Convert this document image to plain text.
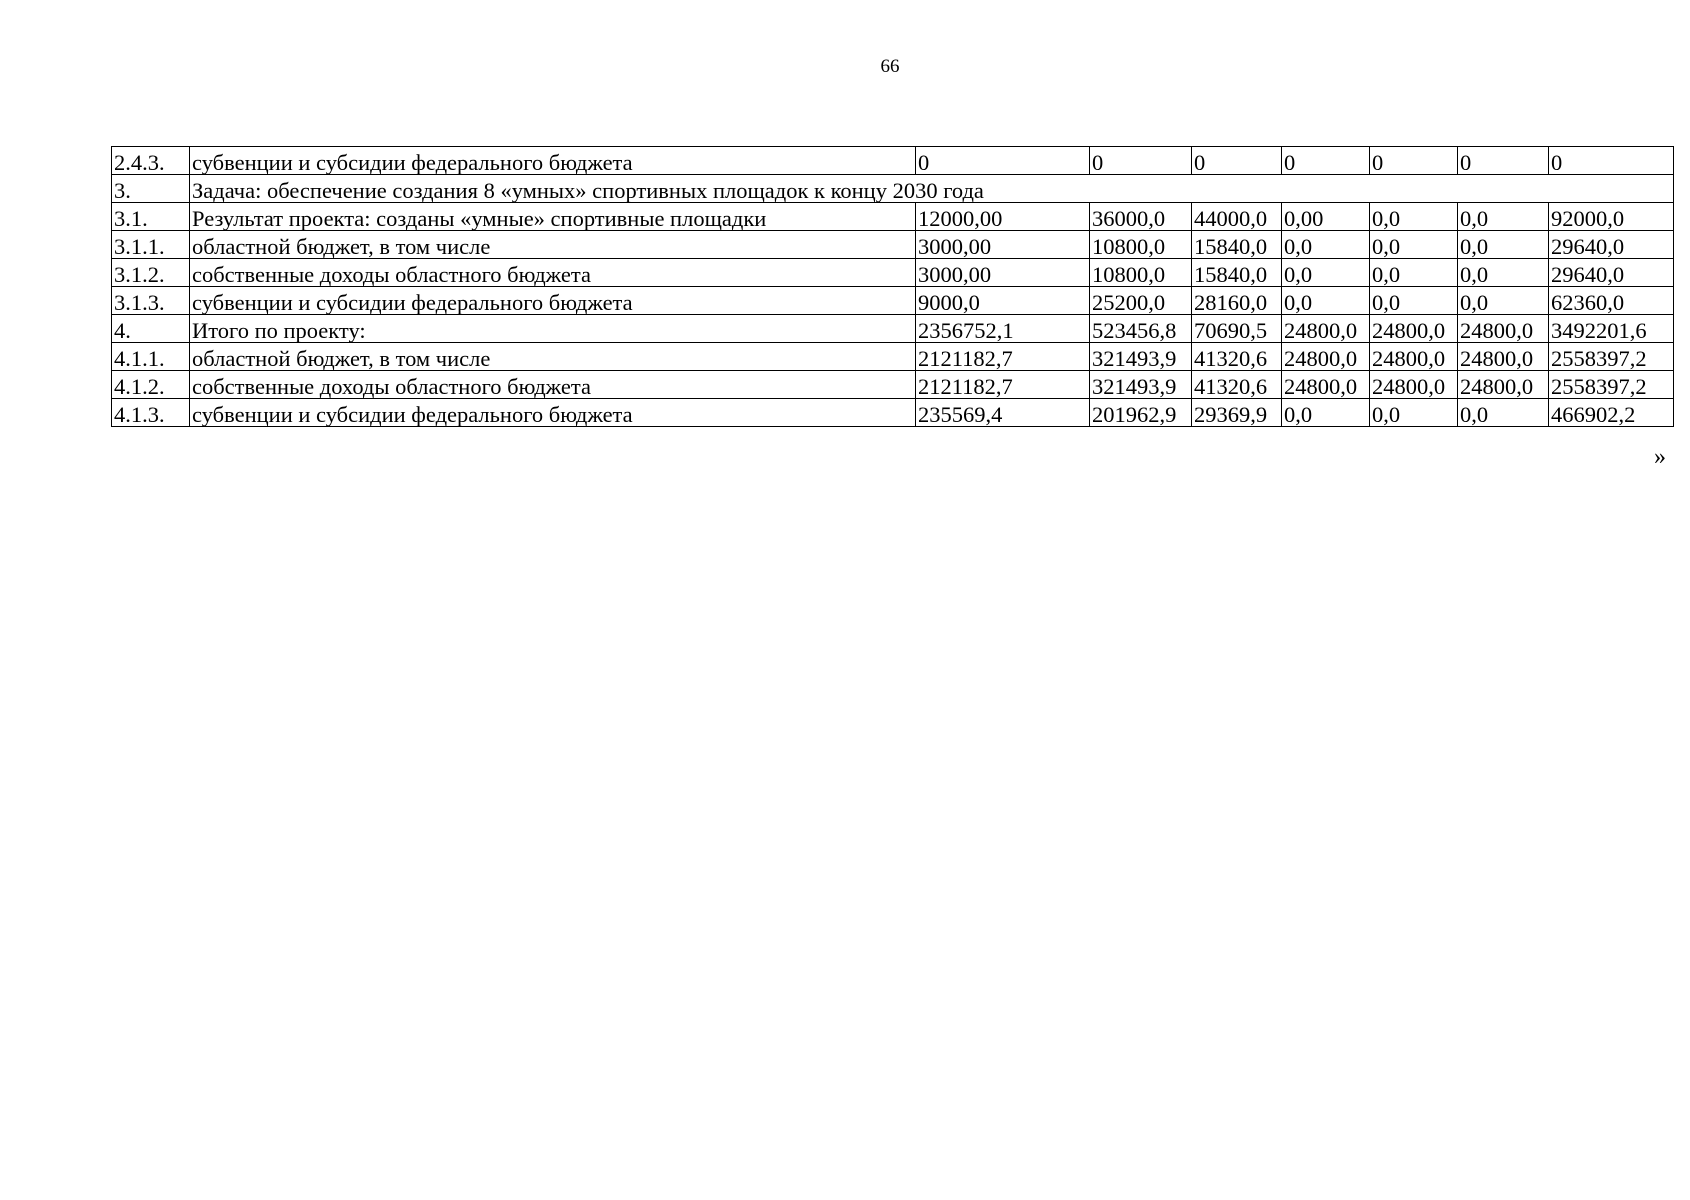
66
2.4.3.	субвенции и субсидии федерального бюджета	0	0	0	0	0	0	0
3.	Задача: обеспечение создания 8 «умных» спортивных площадок к концу 2030 года							
3.1.	Результат проекта: созданы «умные» спортивные площадки	12000,00	36000,0	44000,0	0,00	0,0	0,0	92000,0
3.1.1.	областной бюджет, в том числе	3000,00	10800,0	15840,0	0,0	0,0	0,0	29640,0
3.1.2.	собственные доходы областного бюджета	3000,00	10800,0	15840,0	0,0	0,0	0,0	29640,0
3.1.3.	субвенции и субсидии федерального бюджета	9000,0	25200,0	28160,0	0,0	0,0	0,0	62360,0
4.	Итого по проекту:	2356752,1	523456,8	70690,5	24800,0	24800,0	24800,0	3492201,6
4.1.1.	областной бюджет, в том числе	2121182,7	321493,9	41320,6	24800,0	24800,0	24800,0	2558397,2
4.1.2.	собственные доходы областного бюджета	2121182,7	321493,9	41320,6	24800,0	24800,0	24800,0	2558397,2
4.1.3.	субвенции и субсидии федерального бюджета	235569,4	201962,9	29369,9	0,0	0,0	0,0	466902,2
»
